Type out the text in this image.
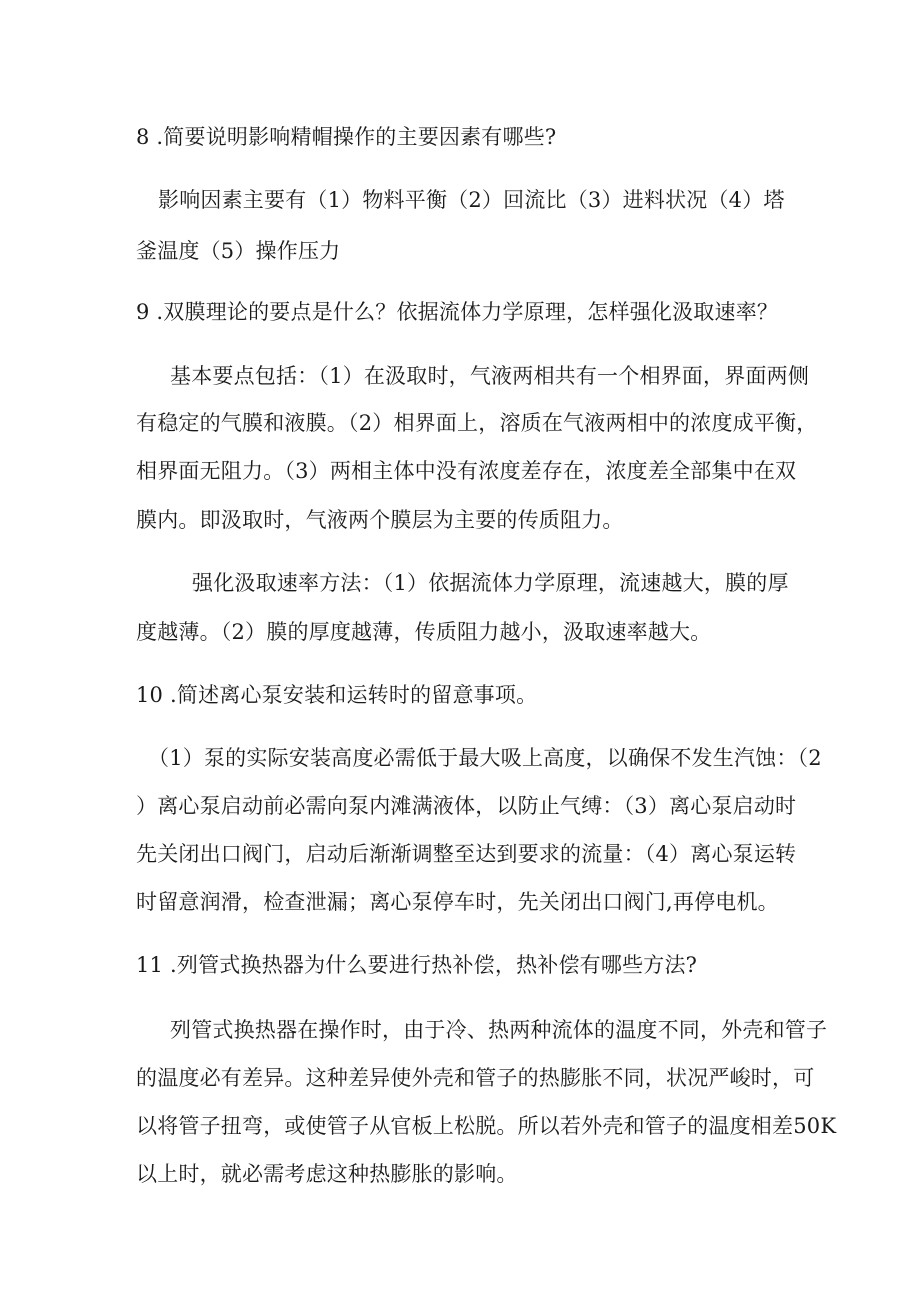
8 .简要说明影响精帽操作的主要因素有哪些?
影响因素主要有（1）物料平衡（2）回流比（3）进料状况（4）塔
釜温度（5）操作压力
9 .双膜理论的要点是什么？依据流体力学原理，怎样强化汲取速率？
基本要点包括：（1）在汲取时，气液两相共有一个相界面，界面两侧
有稳定的气膜和液膜。（2）相界面上，溶质在气液两相中的浓度成平衡，
相界面无阻力。（3）两相主体中没有浓度差存在，浓度差全部集中在双
膜内。即汲取时，气液两个膜层为主要的传质阻力。
强化汲取速率方法：（1）依据流体力学原理，流速越大，膜的厚
度越薄。（2）膜的厚度越薄，传质阻力越小，汲取速率越大。
10 .简述离心泵安装和运转时的留意事项。
（1）泵的实际安装高度必需低于最大吸上高度，以确保不发生汽蚀：（2
）离心泵启动前必需向泵内滩满液体，以防止气缚：（3）离心泵启动时
先关闭出口阀门，启动后渐渐调整至达到要求的流量：（4）离心泵运转
时留意润滑，检查泄漏；离心泵停车时，先关闭出口阀门,再停电机。
11 .列管式换热器为什么要进行热补偿，热补偿有哪些方法?
列管式换热器在操作时，由于冷、热两种流体的温度不同，外壳和管子
的温度必有差异。这种差异使外壳和管子的热膨胀不同，状况严峻时，可
以将管子扭弯，或使管子从官板上松脱。所以若外壳和管子的温度相差50K
以上时，就必需考虑这种热膨胀的影响。
